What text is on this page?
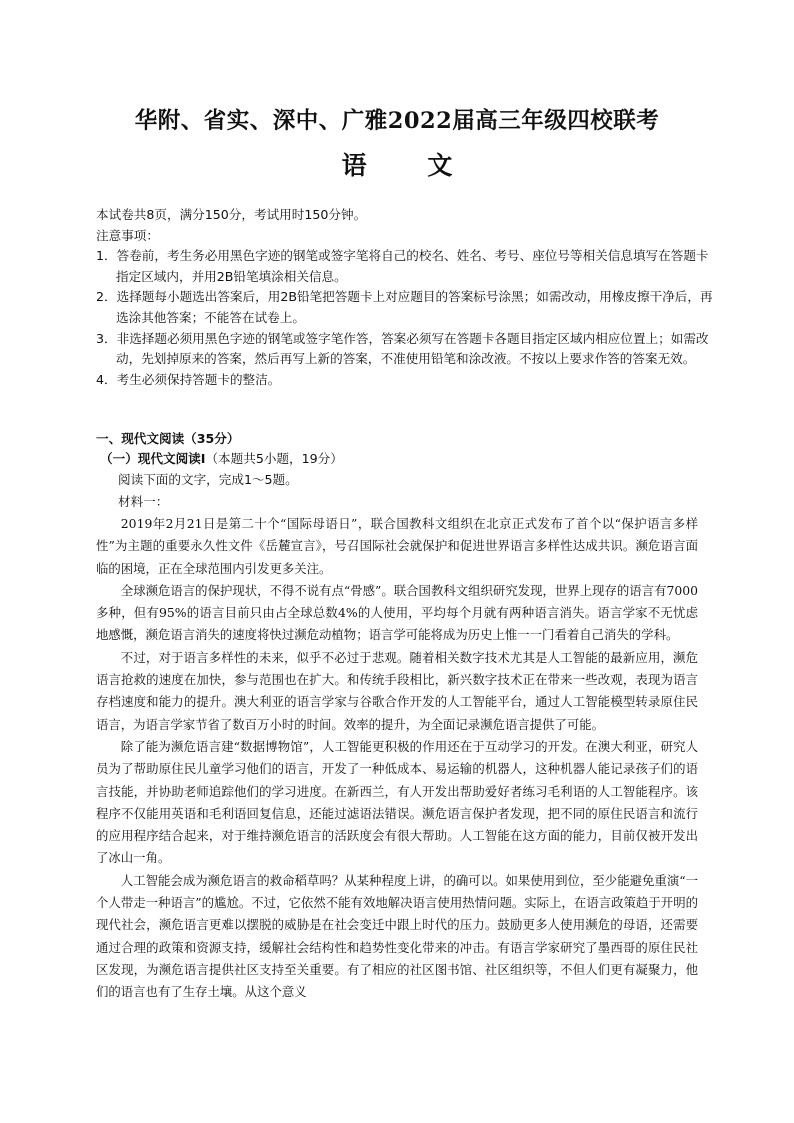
华附、省实、深中、广雅2022届高三年级四校联考
语 文

本试卷共8页，满分150分，考试用时150分钟。

注意事项：

1．答卷前，考生务必用黑色字迹的钢笔或签字笔将自己的校名、姓名、考号、座位号等相关信息填写在答题卡指定区域内，并用2B铅笔填涂相关信息。

2．选择题每小题选出答案后，用2B铅笔把答题卡上对应题目的答案标号涂黑；如需改动，用橡皮擦干净后，再选涂其他答案；不能答在试卷上。

3．非选择题必须用黑色字迹的钢笔或签字笔作答，答案必须写在答题卡各题目指定区域内相应位置上；如需改动，先划掉原来的答案，然后再写上新的答案，不准使用铅笔和涂改液。不按以上要求作答的答案无效。

4．考生必须保持答题卡的整洁。

一、现代文阅读（35分）
（一）现代文阅读Ⅰ（本题共5小题，19分）
阅读下面的文字，完成1～5题。
材料一：

2019年2月21日是第二十个“国际母语日”，联合国教科文组织在北京正式发布了首个以“保护语言多样性”为主题的重要永久性文件《岳麓宣言》，号召国际社会就保护和促进世界语言多样性达成共识。濒危语言面临的困境，正在全球范围内引发更多关注。

全球濒危语言的保护现状，不得不说有点“骨感”。联合国教科文组织研究发现，世界上现存的语言有7000多种，但有95%的语言目前只由占全球总数4%的人使用，平均每个月就有两种语言消失。语言学家不无忧虑地感慨，濒危语言消失的速度将快过濒危动植物；语言学可能将成为历史上惟一一门看着自己消失的学科。

不过，对于语言多样性的未来，似乎不必过于悲观。随着相关数字技术尤其是人工智能的最新应用，濒危语言抢救的速度在加快，参与范围也在扩大。和传统手段相比，新兴数字技术正在带来一些改观，表现为语言存档速度和能力的提升。澳大利亚的语言学家与谷歌合作开发的人工智能平台，通过人工智能模型转录原住民语言，为语言学家节省了数百万小时的时间。效率的提升，为全面记录濒危语言提供了可能。

除了能为濒危语言建“数据博物馆”，人工智能更积极的作用还在于互动学习的开发。在澳大利亚，研究人员为了帮助原住民儿童学习他们的语言，开发了一种低成本、易运输的机器人，这种机器人能记录孩子们的语言技能，并协助老师追踪他们的学习进度。在新西兰，有人开发出帮助爱好者练习毛利语的人工智能程序。该程序不仅能用英语和毛利语回复信息，还能过滤语法错误。濒危语言保护者发现，把不同的原住民语言和流行的应用程序结合起来，对于维持濒危语言的活跃度会有很大帮助。人工智能在这方面的能力，目前仅被开发出了冰山一角。

人工智能会成为濒危语言的救命稻草吗？从某种程度上讲，的确可以。如果使用到位，至少能避免重演“一个人带走一种语言”的尴尬。不过，它依然不能有效地解决语言使用热情问题。实际上，在语言政策趋于开明的现代社会，濒危语言更难以摆脱的威胁是在社会变迁中跟上时代的压力。鼓励更多人使用濒危的母语，还需要通过合理的政策和资源支持，缓解社会结构性和趋势性变化带来的冲击。有语言学家研究了墨西哥的原住民社区发现，为濒危语言提供社区支持至关重要。有了相应的社区图书馆、社区组织等，不但人们更有凝聚力，他们的语言也有了生存土壤。从这个意义
